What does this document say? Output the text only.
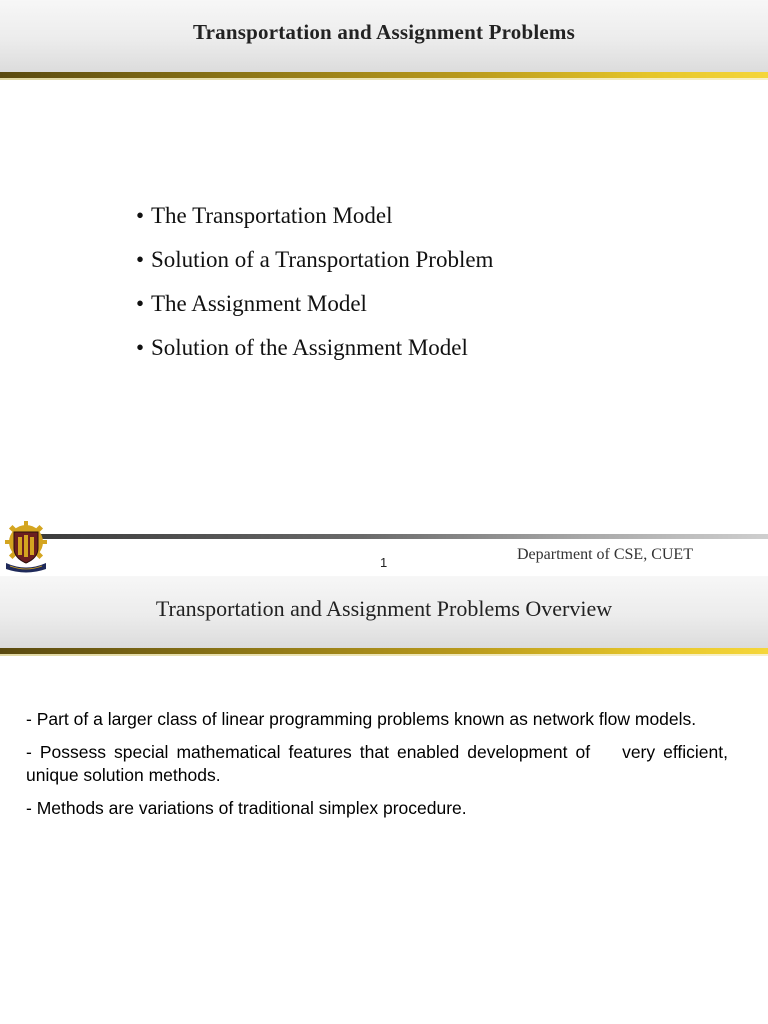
Transportation and Assignment Problems
• The Transportation Model
• Solution of a Transportation Problem
• The Assignment Model
• Solution of the Assignment Model
1	Department of CSE, CUET
Transportation and Assignment Problems Overview

- Part of a larger class of linear programming problems known as network flow models.

- Possess special mathematical features that enabled development of    very efficient, unique solution methods.

- Methods are variations of traditional simplex procedure.
